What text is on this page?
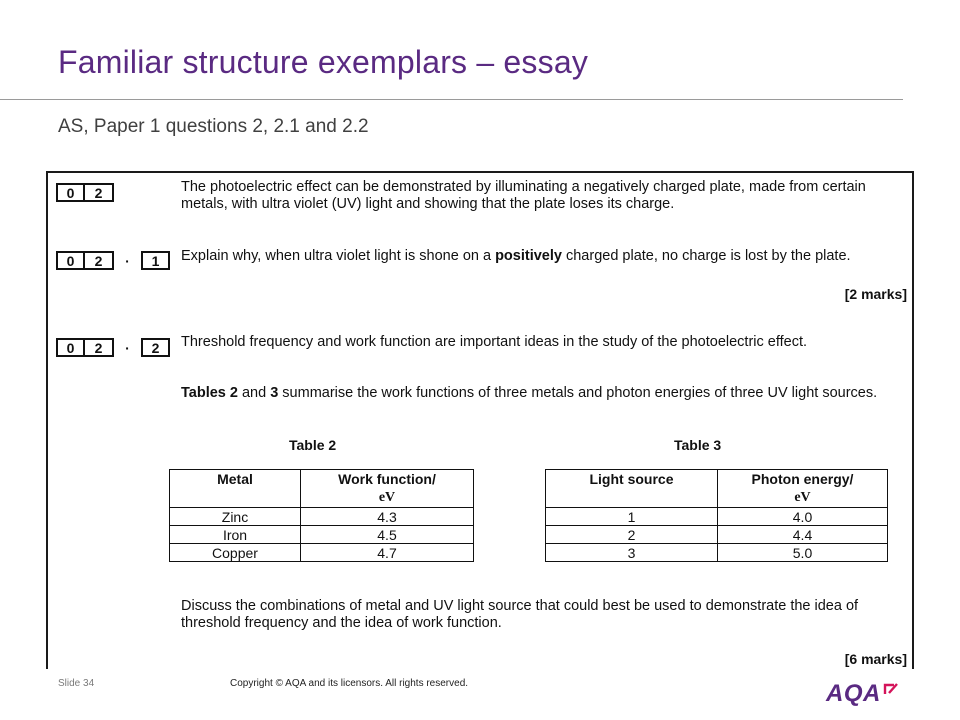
Familiar structure exemplars – essay
AS, Paper 1 questions 2, 2.1 and 2.2
0	2	The photoelectric effect can be demonstrated by illuminating a negatively charged plate, made from certain metals, with ultra violet (UV) light and showing that the plate loses its charge.
0	2	·	1	Explain why, when ultra violet light is shone on a positively charged plate, no charge is lost by the plate.
[2 marks]
0	2	·	2	Threshold frequency and work function are important ideas in the study of the photoelectric effect.
Tables 2 and 3 summarise the work functions of three metals and photon energies of three UV light sources.
Table 2
Metal	Work function/
eV
Zinc	4.3
Iron	4.5
Copper	4.7
Table 3
Light source	Photon energy/
eV
1	4.0
2	4.4
3	5.0
Discuss the combinations of metal and UV light source that could best be used to demonstrate the idea of threshold frequency and the idea of work function.
[6 marks]
Slide 34	Copyright © AQA and its licensors. All rights reserved.	AQA
